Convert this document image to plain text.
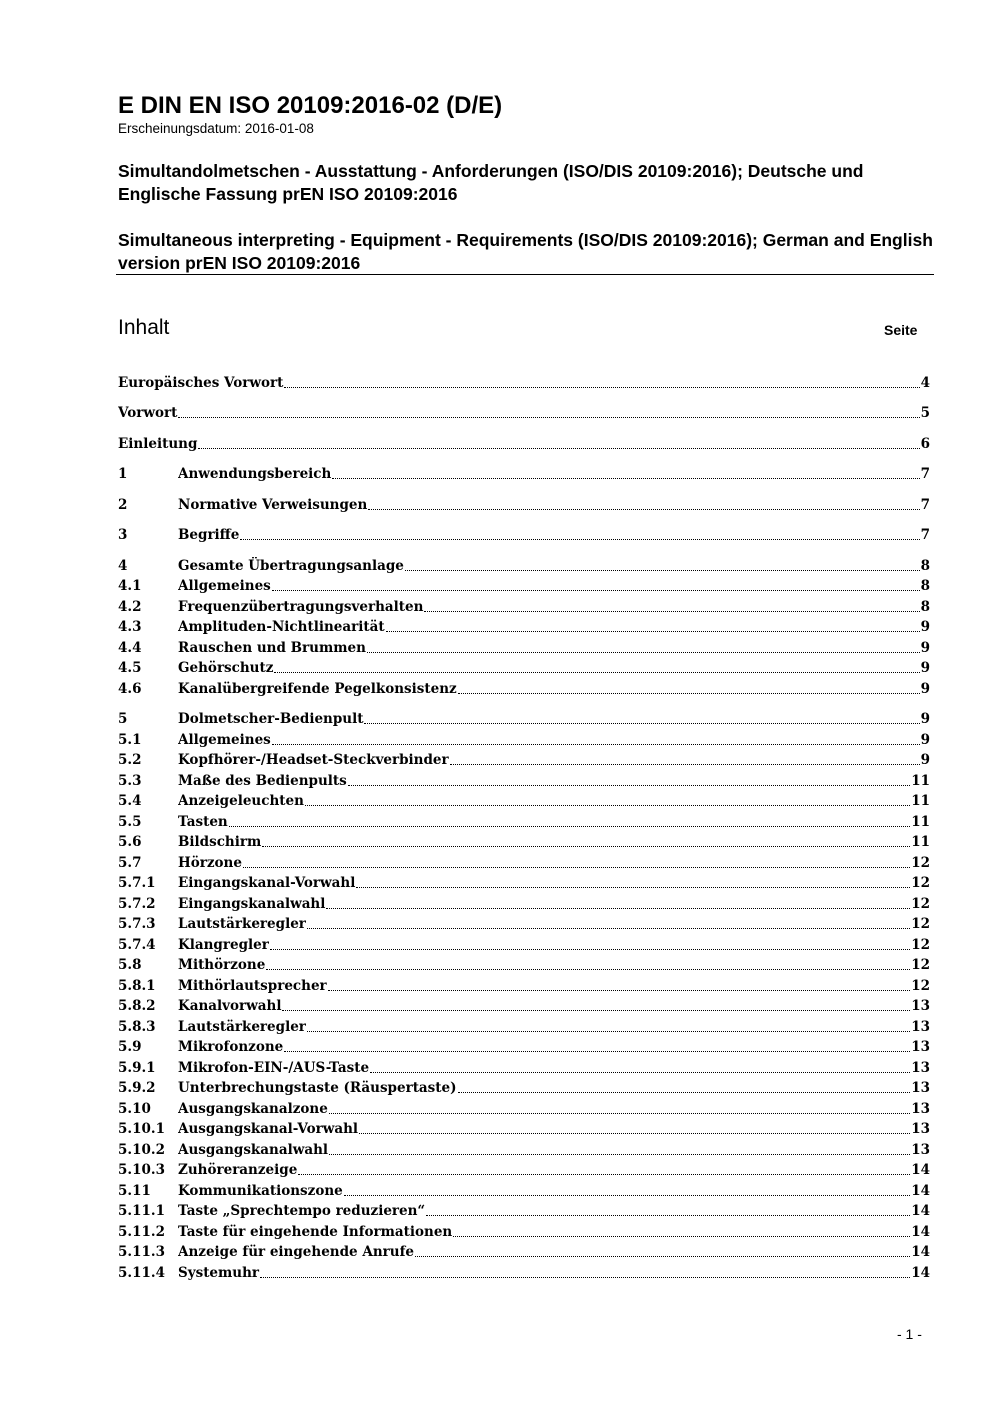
E DIN EN ISO 20109:2016-02 (D/E)
Erscheinungsdatum: 2016-01-08
Simultandolmetschen - Ausstattung - Anforderungen (ISO/DIS 20109:2016); Deutsche und Englische Fassung prEN ISO 20109:2016
Simultaneous interpreting - Equipment - Requirements (ISO/DIS 20109:2016); German and English version prEN ISO 20109:2016
Inhalt	Seite
Europäisches Vorwort	4
Vorwort	5
Einleitung	6
1	Anwendungsbereich	7
2	Normative Verweisungen	7
3	Begriffe	7
4	Gesamte Übertragungsanlage	8
4.1	Allgemeines	8
4.2	Frequenzübertragungsverhalten	8
4.3	Amplituden-Nichtlinearität	9
4.4	Rauschen und Brummen	9
4.5	Gehörschutz	9
4.6	Kanalübergreifende Pegelkonsistenz	9
5	Dolmetscher-Bedienpult	9
5.1	Allgemeines	9
5.2	Kopfhörer-/Headset-Steckverbinder	9
5.3	Maße des Bedienpults	11
5.4	Anzeigeleuchten	11
5.5	Tasten	11
5.6	Bildschirm	11
5.7	Hörzone	12
5.7.1	Eingangskanal-Vorwahl	12
5.7.2	Eingangskanalwahl	12
5.7.3	Lautstärkeregler	12
5.7.4	Klangregler	12
5.8	Mithörzone	12
5.8.1	Mithörlautsprecher	12
5.8.2	Kanalvorwahl	13
5.8.3	Lautstärkeregler	13
5.9	Mikrofonzone	13
5.9.1	Mikrofon-EIN-/AUS-Taste	13
5.9.2	Unterbrechungstaste (Räuspertaste)	13
5.10	Ausgangskanalzone	13
5.10.1 Ausgangskanal-Vorwahl	13
5.10.2 Ausgangskanalwahl	13
5.10.3 Zuhöreranzeige	14
5.11	Kommunikationszone	14
5.11.1 Taste „Sprechtempo reduzieren“	14
5.11.2 Taste für eingehende Informationen	14
5.11.3 Anzeige für eingehende Anrufe	14
5.11.4 Systemuhr	14
- 1 -
